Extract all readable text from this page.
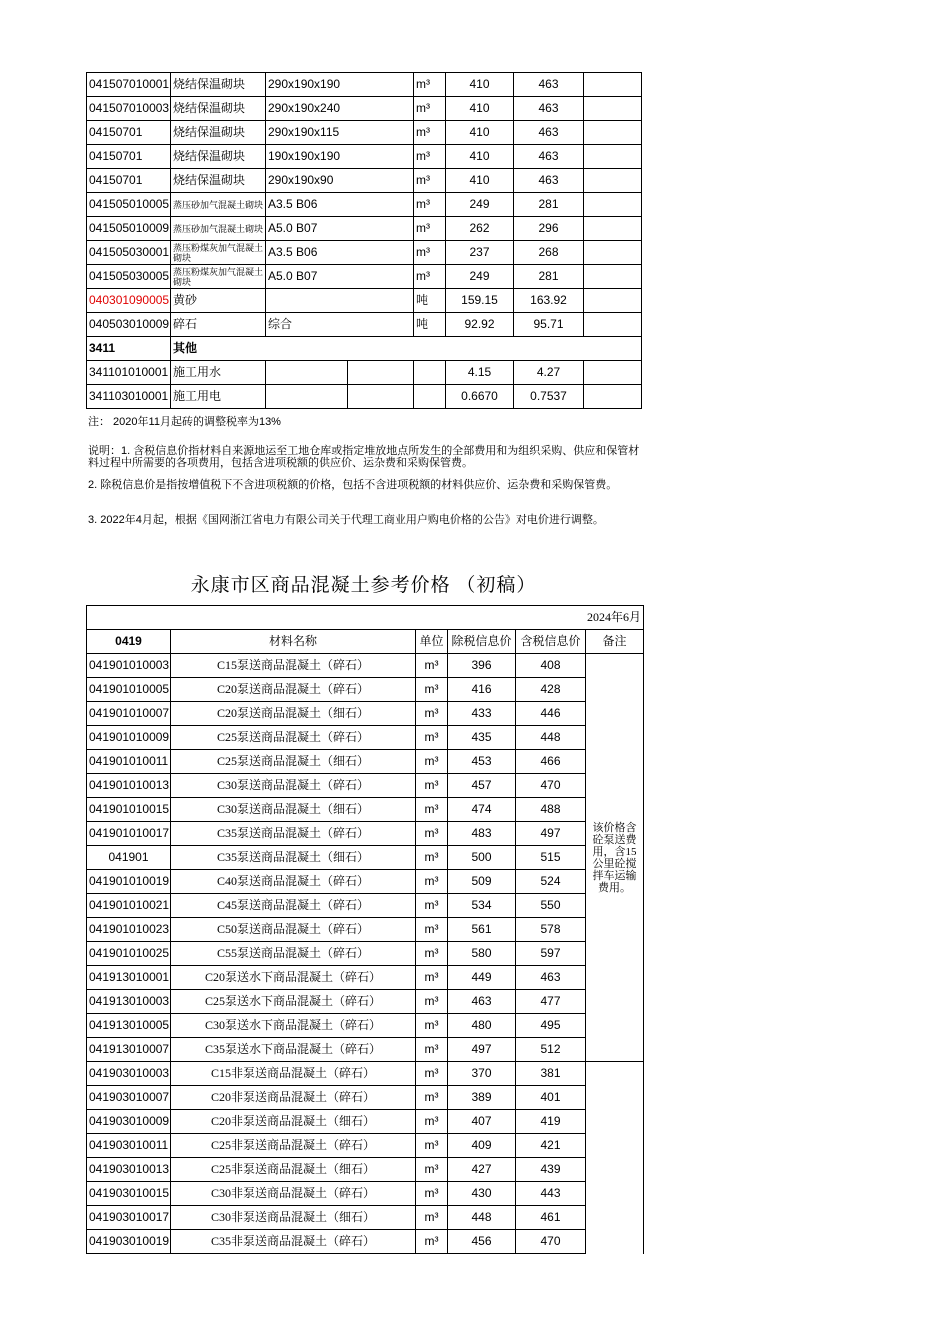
041507010001	烧结保温砌块	290x190x190		m³	410	463	
041507010003	烧结保温砌块	290x190x240		m³	410	463	
04150701	烧结保温砌块	290x190x115		m³	410	463	
04150701	烧结保温砌块	190x190x190		m³	410	463	
04150701	烧结保温砌块	290x190x90		m³	410	463	
041505010005	蒸压砂加气混凝土砌块	A3.5 B06		m³	249	281	
041505010009	蒸压砂加气混凝土砌块	A5.0 B07		m³	262	296	
041505030001	蒸压粉煤灰加气混凝土砌块	A3.5 B06		m³	237	268	
041505030005	蒸压粉煤灰加气混凝土砌块	A5.0 B07		m³	249	281	
040301090005	黄砂			吨	159.15	163.92	
040503010009	碎石	综合		吨	92.92	95.71	
3411	其他						
341101010001	施工用水				4.15	4.27	
341103010001	施工用电				0.6670	0.7537	
注： 2020年11月起砖的调整税率为13%
说明：1. 含税信息价指材料自来源地运至工地仓库或指定堆放地点所发生的全部费用和为组织采购、供应和保管材料过程中所需要的各项费用，包括含进项税额的供应价、运杂费和采购保管费。
2. 除税信息价是指按增值税下不含进项税额的价格，包括不含进项税额的材料供应价、运杂费和采购保管费。
3. 2022年4月起，根据《国网浙江省电力有限公司关于代理工商业用户购电价格的公告》对电价进行调整。
永康市区商品混凝土参考价格 （初稿）
2024年6月					
0419	材料名称	单位	除税信息价	含税信息价	备注
041901010003	C15泵送商品混凝土（碎石）	m³	396	408	该价格含砼泵送费用，含15公里砼搅拌车运输费用。
041901010005	C20泵送商品混凝土（碎石）	m³	416	428	
041901010007	C20泵送商品混凝土（细石）	m³	433	446	
041901010009	C25泵送商品混凝土（碎石）	m³	435	448	
041901010011	C25泵送商品混凝土（细石）	m³	453	466	
041901010013	C30泵送商品混凝土（碎石）	m³	457	470	
041901010015	C30泵送商品混凝土（细石）	m³	474	488	
041901010017	C35泵送商品混凝土（碎石）	m³	483	497	
041901	C35泵送商品混凝土（细石）	m³	500	515	
041901010019	C40泵送商品混凝土（碎石）	m³	509	524	
041901010021	C45泵送商品混凝土（碎石）	m³	534	550	
041901010023	C50泵送商品混凝土（碎石）	m³	561	578	
041901010025	C55泵送商品混凝土（碎石）	m³	580	597	
041913010001	C20泵送水下商品混凝土（碎石）	m³	449	463	
041913010003	C25泵送水下商品混凝土（碎石）	m³	463	477	
041913010005	C30泵送水下商品混凝土（碎石）	m³	480	495	
041913010007	C35泵送水下商品混凝土（碎石）	m³	497	512	
041903010003	C15非泵送商品混凝土（碎石）	m³	370	381	
041903010007	C20非泵送商品混凝土（碎石）	m³	389	401	
041903010009	C20非泵送商品混凝土（细石）	m³	407	419	
041903010011	C25非泵送商品混凝土（碎石）	m³	409	421	
041903010013	C25非泵送商品混凝土（细石）	m³	427	439	
041903010015	C30非泵送商品混凝土（碎石）	m³	430	443	
041903010017	C30非泵送商品混凝土（细石）	m³	448	461	
041903010019	C35非泵送商品混凝土（碎石）	m³	456	470	
